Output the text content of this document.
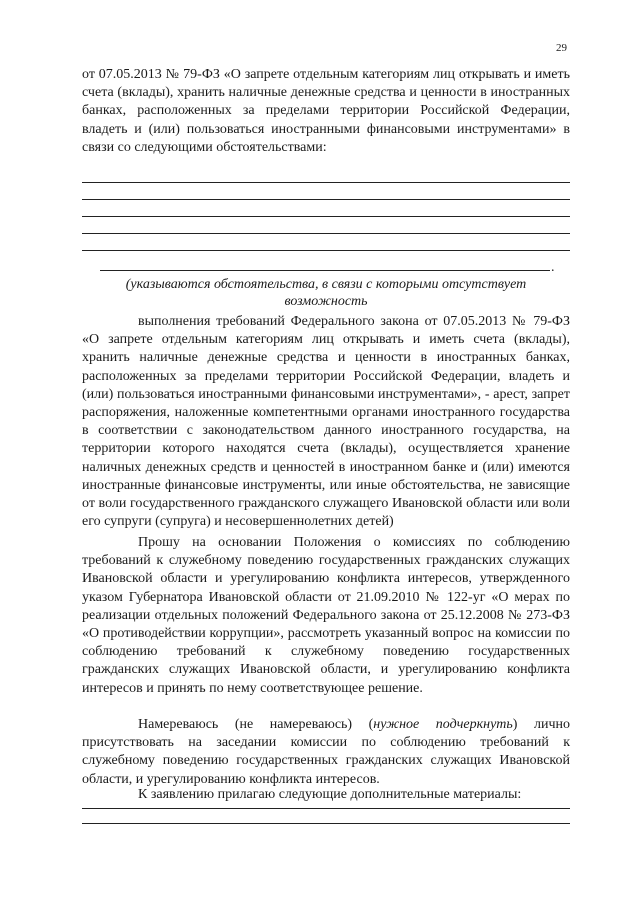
29

от 07.05.2013 № 79-ФЗ «О запрете отдельным категориям лиц открывать и иметь счета (вклады), хранить наличные денежные средства и ценности в иностранных банках, расположенных за пределами территории Российской Федерации, владеть и (или) пользоваться иностранными финансовыми инструментами» в связи со следующими обстоятельствами:

.
(указываются обстоятельства, в связи с которыми отсутствует
возможность

выполнения требований Федерального закона от 07.05.2013 № 79-ФЗ «О запрете отдельным категориям лиц открывать и иметь счета (вклады), хранить наличные денежные средства и ценности в иностранных банках, расположенных за пределами территории Российской Федерации, владеть и (или) пользоваться иностранными финансовыми инструментами», - арест, запрет распоряжения, наложенные компетентными органами иностранного государства в соответствии с законодательством данного иностранного государства, на территории которого находятся счета (вклады), осуществляется хранение наличных денежных средств и ценностей в иностранном банке и (или) имеются иностранные финансовые инструменты, или иные обстоятельства, не зависящие от воли государственного гражданского служащего Ивановской области или воли его супруги (супруга) и несовершеннолетних детей)

Прошу на основании Положения о комиссиях по соблюдению требований к служебному поведению государственных гражданских служащих Ивановской области и урегулированию конфликта интересов, утвержденного указом Губернатора Ивановской области от 21.09.2010 № 122-уг «О мерах по реализации отдельных положений Федерального закона от 25.12.2008 № 273-ФЗ «О противодействии коррупции», рассмотреть указанный вопрос на комиссии по соблюдению требований к служебному поведению государственных гражданских служащих Ивановской области, и урегулированию конфликта интересов и принять по нему соответствующее решение.

Намереваюсь (не намереваюсь) (нужное подчеркнуть) лично присутствовать на заседании комиссии по соблюдению требований к служебному поведению государственных гражданских служащих Ивановской области, и урегулированию конфликта интересов.

К заявлению прилагаю следующие дополнительные материалы:
